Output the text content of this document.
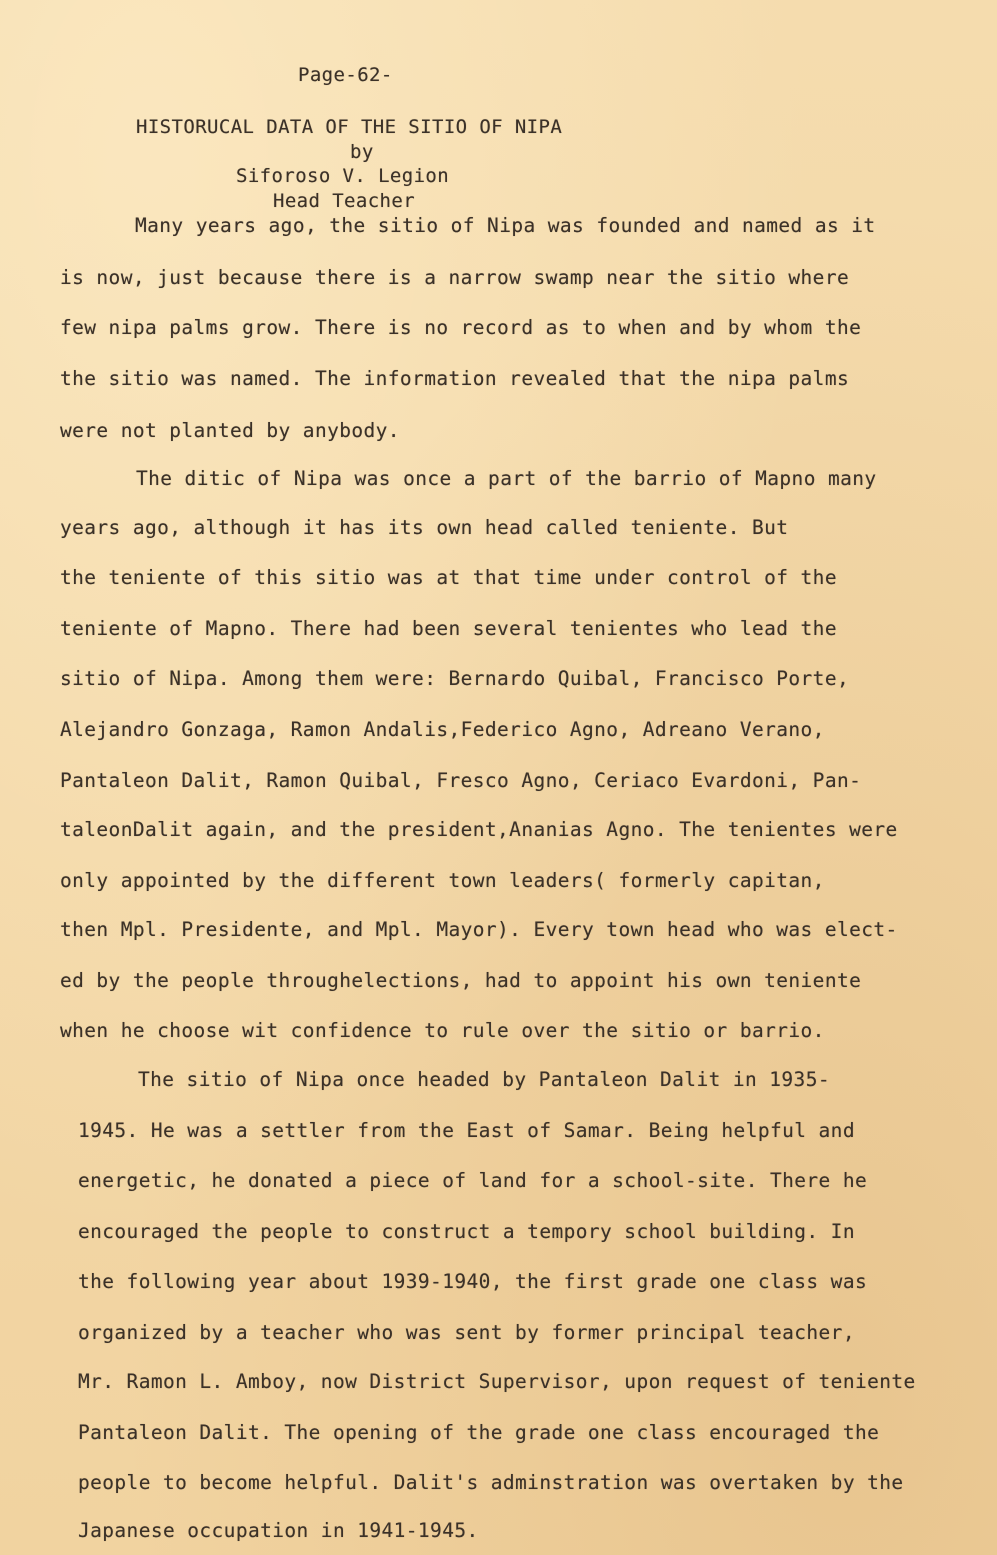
Page-62-
HISTORUCAL DATA OF THE SITIO OF NIPA
by
Siforoso V. Legion
Head Teacher
Many years ago, the sitio of Nipa was founded and named as it
is now, just because there is a narrow swamp near the sitio where
few nipa palms grow. There is no record as to when and by whom the
the sitio was named. The information revealed that the nipa palms
were not planted by anybody.
The ditic of Nipa was once a part of the barrio of Mapno many
years ago, although it has its own head called teniente. But
the teniente of this sitio was at that time under control of the
teniente of Mapno. There had been several tenientes who lead the
sitio of Nipa. Among them were: Bernardo Quibal, Francisco Porte,
Alejandro Gonzaga, Ramon Andalis,Federico Agno, Adreano Verano,
Pantaleon Dalit, Ramon Quibal, Fresco Agno, Ceriaco Evardoni, Pan-
taleonDalit again, and the president,Ananias Agno. The tenientes were
only appointed by the different town leaders( formerly capitan,
then Mpl. Presidente, and Mpl. Mayor). Every town head who was elect-
ed by the people throughelections, had to appoint his own teniente
when he choose wit confidence to rule over the sitio or barrio.
The sitio of Nipa once headed by Pantaleon Dalit in 1935-
1945. He was a settler from the East of Samar. Being helpful and
energetic, he donated a piece of land for a school-site. There he
encouraged the people to construct a tempory school building. In
the following year about 1939-1940, the first grade one class was
organized by a teacher who was sent by former principal teacher,
Mr. Ramon L. Amboy, now District Supervisor, upon request of teniente
Pantaleon Dalit. The opening of the grade one class encouraged the
people to become helpful. Dalit's adminstration was overtaken by the
Japanese occupation in 1941-1945.
